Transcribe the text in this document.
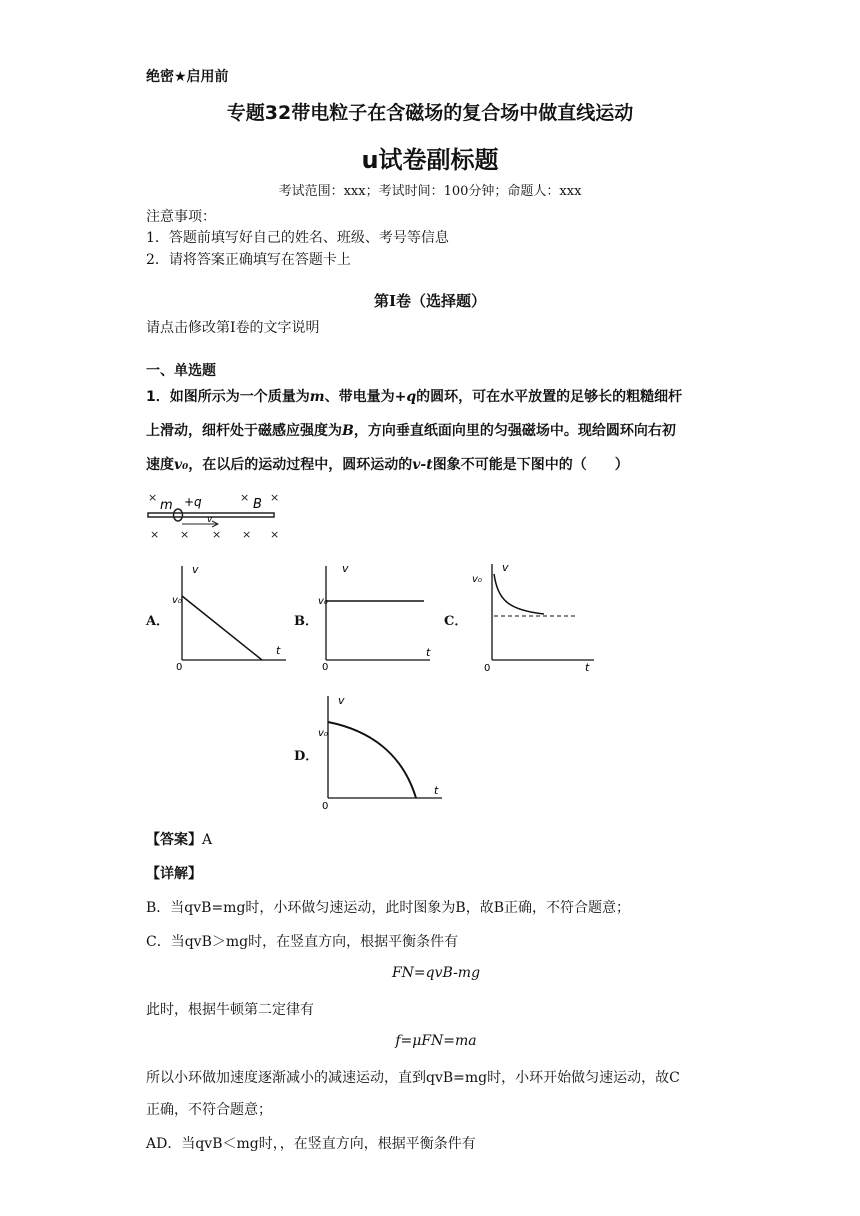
绝密★启用前
专题32带电粒子在含磁场的复合场中做直线运动
u试卷副标题
考试范围：xxx；考试时间：100分钟；命题人：xxx
注意事项：
1．答题前填写好自己的姓名、班级、考号等信息
2．请将答案正确填写在答题卡上
第I卷（选择题）
请点击修改第I卷的文字说明
一、单选题
1．如图所示为一个质量为m、带电量为+q的圆环，可在水平放置的足够长的粗糙细杆
上滑动，细杆处于磁感应强度为B，方向垂直纸面向里的匀强磁场中。现给圆环向右初
速度v₀，在以后的运动过程中，圆环运动的v-t图象不可能是下图中的（　　）
×	× ×
m +q	B
v
× × × × ×
A．
v
t
v₀
0
B．
v
t
v₀
0
C．
v
t
v₀
0
D．
v
t
v₀
0
【答案】A
【详解】
B．当qvB=mg时，小环做匀速运动，此时图象为B，故B正确，不符合题意；
C．当qvB＞mg时，在竖直方向，根据平衡条件有
FN=qvB-mg
此时，根据牛顿第二定律有
f=μFN=ma
所以小环做加速度逐渐减小的减速运动，直到qvB=mg时，小环开始做匀速运动，故C
正确，不符合题意；
AD．当qvB＜mg时，，在竖直方向，根据平衡条件有
